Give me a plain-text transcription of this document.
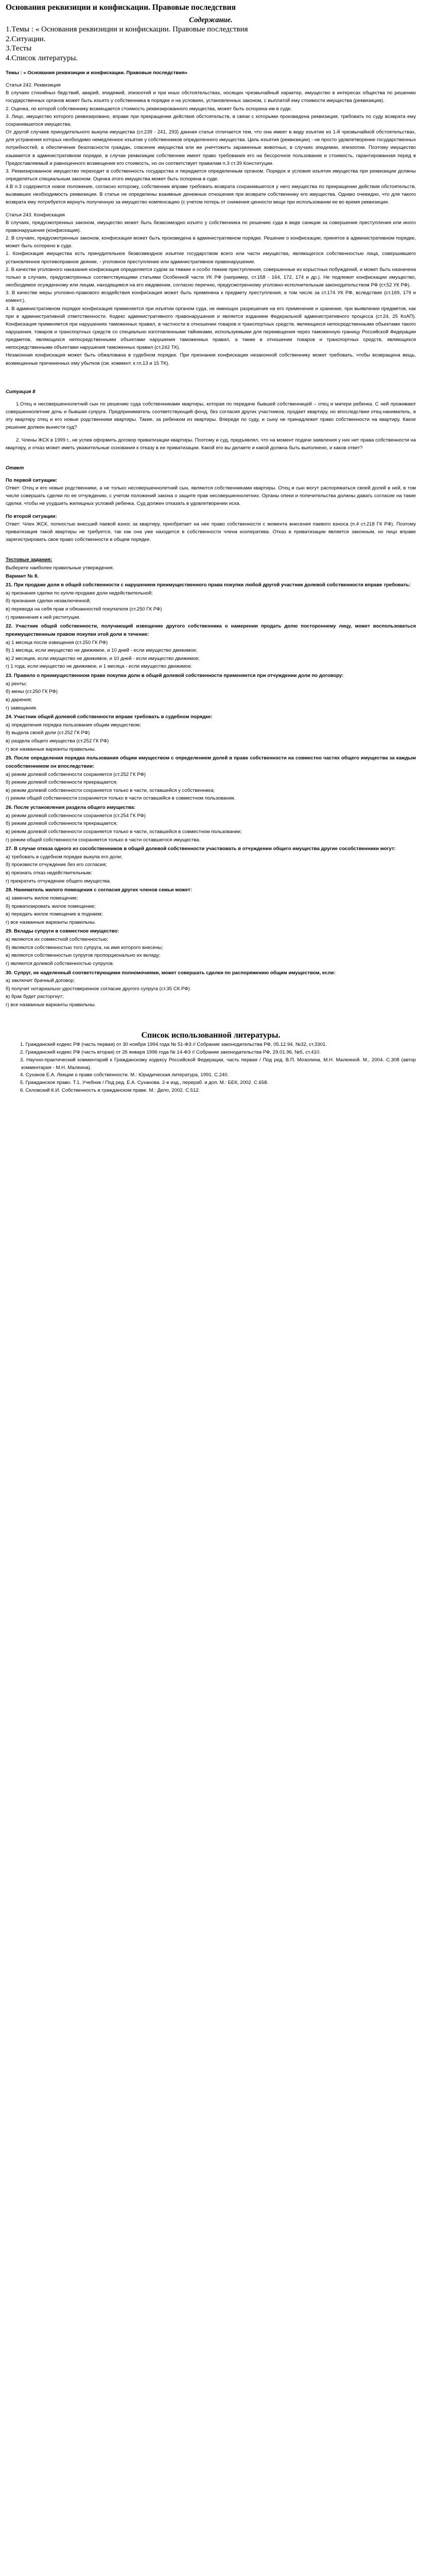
Основания реквизиции и конфискации. Правовые последствия

Содержание.

1.Темы : « Основания реквизиции и конфискации. Правовые последствия

2.Ситуации.

3.Тесты

4.Список литературы.

Темы : « Основания реквизиции и конфискации. Правовые последствия»

Статья 242. Реквизиция

В случаях стихийных бедствий, аварий, эпидемий, эпизоотий и при иных обстоятельствах, носящих чрезвычайный характер, имущество в интересах общества по решению государственных органов может быть изъято у собственника в порядке и на условиях, установленных законом, с выплатой ему стоимости имущества (реквизиция).

2. Оценка, по которой собственнику возмещается стоимость реквизированного имущества, может быть оспорена им в суде.

3. Лицо, имущество которого реквизировано, вправе при прекращении действия обстоятельств, в связи с которыми произведена реквизиция, требовать по суду возврата ему сохранившегося имущества.

От другой случаев принудительного выкупа имущества (ст.239 - 241, 293) данная статья отличается тем, что она имеет в виду изъятие из 1-й чрезвычайной обстоятельствах, для устранения которых необходимо немедленное изъятие у собственников определенного имущества. Цель изъятия (реквизиции) - не просто удовлетворение государственных потребностей, а обеспечение безопасности граждан, спасение имущества или же уничтожить зараженные животных, в случаях эпидемии, эпизоотии. Поэтому имущество изымается в административном порядке, в случае реквизиции собственник имеет право требования его на бессрочное пользование и стоимость, гарантированная перед в Предоставляемый и равноценного возмещения его стоимость, но он соответствует правилам п.3 ст.39 Конституции.

3. Реквизированное имущество переходит в собственность государства и передается определенным органом. Порядок и условия изъятия имущества при реквизиции должны определяться специальным законом. Оценка этого имущества может быть оспорена в суде.

4.В п.3 содержится новое положение, согласно которому, собственник вправе требовать возврата сохранившегося у него имущества по прекращении действия обстоятельств, вызвавших необходимость реквизиции. В статье не определены взаимные денежные отношения при возврате собственнику его имущества. Однако очевидно, что для такого возврата ему потребуется вернуть полученную за имущество компенсацию (с учетом потерь от снижения ценности вещи при использовании ее во время реквизиции.

Статья 243. Конфискация

В случаях, предусмотренных законом, имущество может быть безвозмездно изъято у собственника по решению суда в виде санкции за совершение преступления или иного правонарушения (конфискация).

2. В случаях, предусмотренных законом, конфискация может быть произведена в административном порядке. Решение о конфискации, принятое в административном порядке, может быть оспорено в суде.

1. Конфискация имущества есть принудительное безвозмездное изъятие государством всего или части имущества, являющегося собственностью лица, совершившего установленное противоправное деяние, - уголовное преступление или административное правонарушение.

2. В качестве уголовного наказания конфискация определяется судом за тяжкие и особо тяжкие преступления, совершенные из корыстных побуждений, и может быть назначена только в случаях, предусмотренных соответствующими статьями Особенной части УК РФ (например, ст.158 - 164, 172, 174 и др.). Не подлежит конфискации имущество, необходимое осужденному или лицам, находящимся на его иждивении, согласно перечню, предусмотренному уголовно-исполнительным законодательством РФ (ст.52 УК РФ).

3. В качестве меры уголовно-правового воздействия конфискация может быть применена к предмету преступления, в том числе за ст.174 УК РФ, вследствие (ст.169, 179 и комент.).

4. В административном порядке конфискация применяется при изъятии органом суда, не имеющих разрешения на его применение и хранение, при выявлении предметов, как при в административной ответственности. Кодекс административного правонарушения и является изданием Федеральной административного процесса (ст.24, 25 КоАП). Конфискация применяется при нарушениях таможенных правил, в частности в отношении товаров и транспортных средств, являющихся непосредственными объектами такого нарушения, товаров и транспортных средств со специально изготовленными тайниками, используемыми для перемещения через таможенную границу Российской Федерации предметов, являющихся непосредственными объектами нарушения таможенных правил, а также в отношении товаров и транспортных средств, являющихся непосредственными объектами нарушения таможенных правил (ст.242 ТК).

Незаконная конфискация может быть обжалована в судебном порядке. При признании конфискации незаконной собственнику может требовать, чтобы возвращена вещь, возмещенные причиненных ему убытков (см. коммент. к гл.13 и 15 ТК).

Ситуация 8

1.Отец и несовершеннолетний сын по решению суда собственниками квартиры, которая по передаче бывшей собственницей – отец и матери ребенка. С ней проживают совершеннолетние дочь и бывшая супруга. Предприниматель соответствующий фонд, без согласия других участников, продает квартиру, но впоследствии отец-наниматель, в эту квартиру отец и его новые родственники квартиры. Такие, за ребенком из квартиры. Впереди по суду, и сыну не принадлежит право собственности на квартиру. Какое решение должен вынести суд?

2. Члены ЖСК в 1999 г., не успев оформить договор приватизации квартиры. Поэтому и суд, предъявлял, что на момент подачи заявления у них нет права собственности на квартиру, и отказ может иметь уважительные основания к отказу в ее приватизации. Какой его вы делаете и какой должна быть выполнено, и каков ответ?

Ответ

По первой ситуации:

Ответ: Отец и его новые родственники, а не только несовершеннолетний сын, являются собственниками квартиры. Отец и сын могут распоряжаться своей долей в ней, в том числе совершать сделки по ее отчуждению, с учетом положений закона о защите прав несовершеннолетних. Органы опеки и попечительства должны давать согласие на такие сделки, чтобы не ухудшить жилищных условий ребенка. Суд должен отказать в удовлетворении иска.

По второй ситуации:

Ответ: Член ЖСК, полностью внесший паевой взнос за квартиру, приобретает на нее право собственности с момента внесения паевого взноса (п.4 ст.218 ГК РФ). Поэтому приватизация такой квартиры не требуется, так как она уже находится в собственности члена кооператива. Отказ в приватизации является законным, но лицо вправе зарегистрировать свое право собственности в общем порядке.

Тестовые задания:

Выберите наиболее правильные утверждения.

Вариант № 8.

21. При продаже доли в общей собственности с нарушением преимущественного права покупки любой другой участник долевой собственности вправе требовать:

а) признания сделки по купле-продаже доли недействительной;

б) признания сделки незаключенной;

в) перевода на себя прав и обязанностей покупателя (ст.250 ГК РФ)

г) применения к ней реституции.

22. Участник общей собственности, получающий извещение другого собственника о намерении продать долю постороннему лицу, может воспользоваться преимущественным правом покупки этой доли в течение:

а) 1 месяца после извещения (ст.250 ГК РФ)

б) 1 месяца, если имущество не движимое, и 10 дней - если имущество движимое;

в) 2 месяцев, если имущество не движимое, и 10 дней - если имущество движимое;

г) 1 года, если имущество не движимое, и 1 месяца - если имущество движимое.

23. Правило о преимущественном праве покупки доли в общей долевой собственности применяется при отчуждении доли по договору:

а) ренты;

б) мены (ст.250 ГК РФ)

в) дарения;

г) завещания.

24. Участник общей долевой собственности вправе требовать в судебном порядке:

а) определения порядка пользования общим имуществом;

б) выдела своей доли (ст.252 ГК РФ)

в) раздела общего имущества (ст.252 ГК РФ)

г) все названные варианты правильны.

25. После определения порядка пользования общим имуществом с определением долей в праве собственности на совместно частях общего имущества за каждым сособственником он впоследствии:

а) режим долевой собственности сохраняется (ст.252 ГК РФ)

б) режим долевой собственности прекращается;

в) режим долевой собственности сохраняется только в части, оставшейся у собственника;

г) режим общей собственности сохраняется только в части оставшейся в совместном пользовании.

26. После установления раздела общего имущества:

а) режим долевой собственности сохраняется (ст.254 ГК РФ)

б) режим долевой собственности прекращается;

в) режим долевой собственности сохраняется только в части, оставшейся в совместном пользовании;

г) режим общей собственности сохраняется только в части оставшегося имущества.

27. В случае отказа одного из сособственников в общей долевой собственности участвовать в отчуждении общего имущества другие сособственники могут:

а) требовать в судебном порядке выкупа его доли;

б) произвести отчуждение без его согласия;

в) признать отказ недействительным;

г) прекратить отчуждение общего имущества.

28. Наниматель жилого помещения с согласия других членов семьи может:

а) заменить жилое помещение;

б) приватизировать жилое помещение;

в) передать жилое помещение в поднаем;

г) все названные варианты правильны.

29. Вклады супруги в совместное имущество:

а) являются их совместной собственностью;

б) являются собственностью того супруга, на имя которого внесены;

в) являются собственностью супругов пропорционально их вкладу;

г) являются долевой собственностью супругов.

30. Супруг, не наделенный соответствующими полномочиями, может совершать сделки по распоряжению общим имуществом, если:

а) заключит брачный договор;

б) получит нотариально удостоверенное согласие другого супруга (ст.35 СК РФ)

в) брак будет расторгнут;

г) все названные варианты правильны.

Список использованной литературы.

1. Гражданский кодекс РФ (часть первая) от 30 ноября 1994 года № 51-ФЗ // Собрание законодательства РФ, 05.12.94, №32, ст.3301.

2. Гражданский кодекс РФ (часть вторая) от 26 января 1996 года № 14-ФЗ // Собрание законодательства РФ, 29.01.96, №5, ст.410.

3. Научно-практический комментарий к Гражданскому кодексу Российской Федерации, часть первая / Под ред. В.П. Мозолина, М.Н. Малеиной. М., 2004. С.308 (автор комментария - М.Н. Малеина).

4. Суханов Е.А. Лекции о праве собственности. М.: Юридическая литература, 1991. С.240.

5. Гражданское право. Т.1. Учебник / Под ред. Е.А. Суханова. 2-е изд., перераб. и доп. М.: БЕК, 2002. С.658.

6. Скловский К.И. Собственность в гражданском праве. М.: Дело, 2002. С.512.
